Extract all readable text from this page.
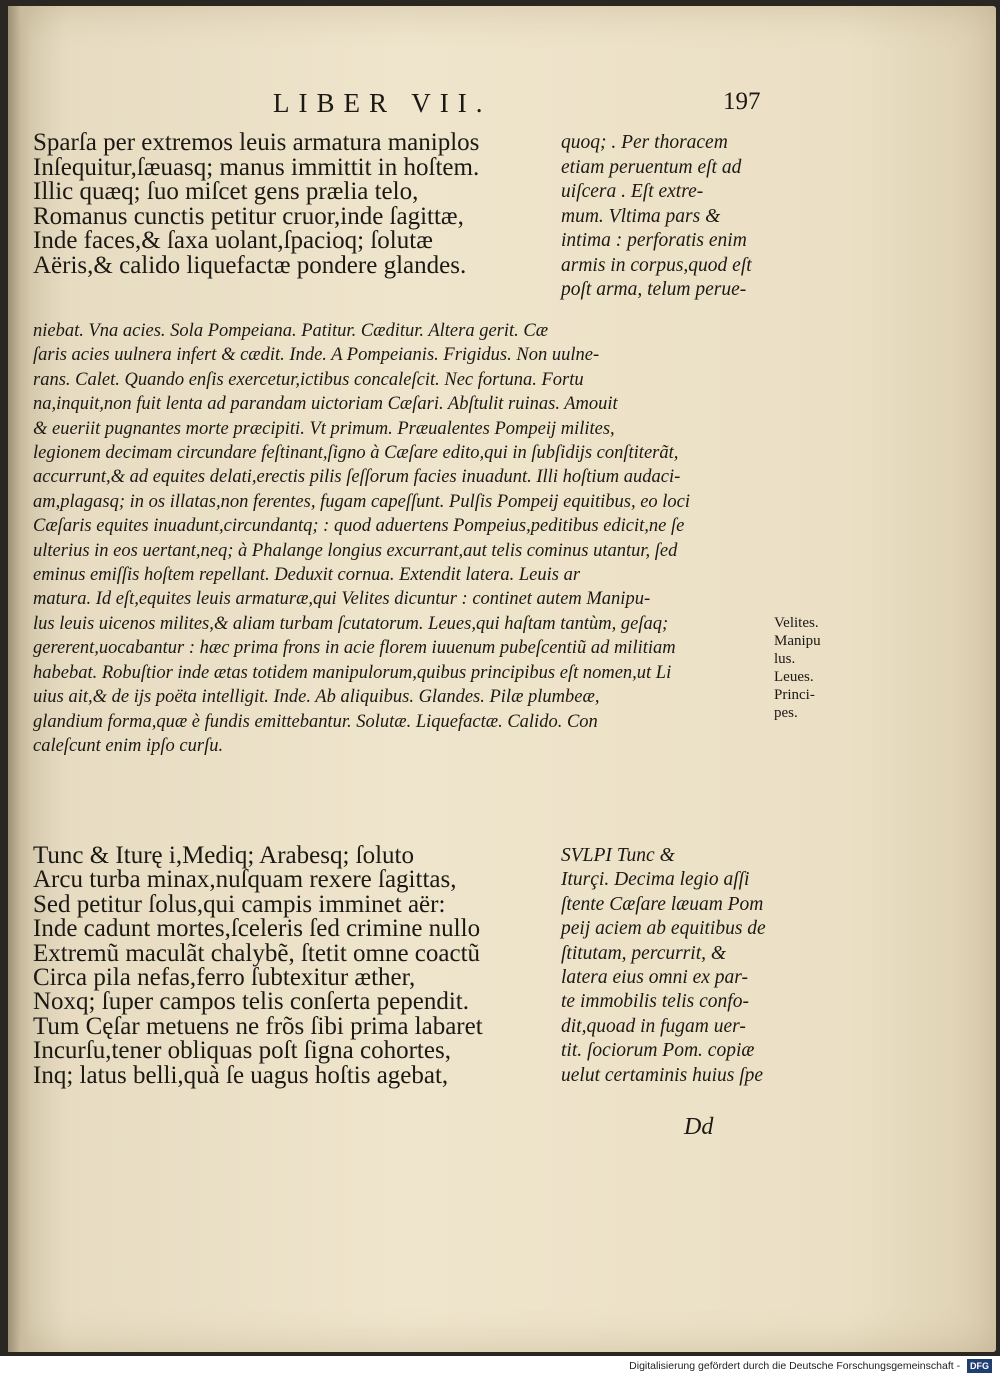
LIBER VII.	197
Sparſa per extremos leuis armatura maniplos
Inſequitur,ſæuasq; manus immittit in hoſtem.
Illic quæq; ſuo miſcet gens prælia telo,
Romanus cunctis petitur cruor,inde ſagittæ,
Inde faces,& ſaxa uolant,ſpacioq; ſolutæ
Aëris,& calido liquefactæ pondere glandes.
quoq; . Per thoracem
etiam peruentum eſt ad
uiſcera . Eſt extre-
mum. Vltima pars &
intima : perforatis enim
armis in corpus,quod eſt
poſt arma, telum perue-
niebat. Vna acies. Sola Pompeiana. Patitur. Cæditur. Altera gerit. Cæ
ſaris acies uulnera infert & cædit. Inde. A Pompeianis. Frigidus. Non uulne-
rans. Calet. Quando enſis exercetur,ictibus concaleſcit. Nec fortuna. Fortu
na,inquit,non fuit lenta ad parandam uictoriam Cæſari. Abſtulit ruinas. Amouit
& eueriit pugnantes morte præcipiti. Vt primum. Præualentes Pompeij milites,
legionem decimam circundare feſtinant,ſigno à Cæſare edito,qui in ſubſidijs conſtiterãt,
accurrunt,& ad equites delati,erectis pilis ſeſſorum facies inuadunt. Illi hoſtium audaci-
am,plagasq; in os illatas,non ferentes, fugam capeſſunt. Pulſis Pompeij equitibus, eo loci
Cæſaris equites inuadunt,circundantq; : quod aduertens Pompeius,peditibus edicit,ne ſe
ulterius in eos uertant,neq; à Phalange longius excurrant,aut telis cominus utantur, ſed
eminus emiſſis hoſtem repellant. Deduxit cornua. Extendit latera. Leuis ar
matura. Id eſt,equites leuis armaturæ,qui Velites dicuntur : continet autem Manipu-
lus leuis uicenos milites,& aliam turbam ſcutatorum. Leues,qui haſtam tantùm, geſaq;
gererent,uocabantur : hæc prima frons in acie florem iuuenum pubeſcentiũ ad militiam
habebat. Robuſtior inde ætas totidem manipulorum,quibus principibus eſt nomen,ut Li
uius ait,& de ijs poëta intelligit. Inde. Ab aliquibus. Glandes. Pilæ plumbeæ,
glandium forma,quæ è fundis emittebantur. Solutæ. Liquefactæ. Calido. Con
caleſcunt enim ipſo curſu.
Velites.
Manipu
lus.
Leues.
Princi-
pes.
Tunc & Iturę i,Mediq; Arabesq; ſoluto
Arcu turba minax,nuſquam rexere ſagittas,
Sed petitur ſolus,qui campis imminet aër:
Inde cadunt mortes,ſceleris ſed crimine nullo
Extremũ maculãt chalybẽ, ſtetit omne coactũ
Circa pila nefas,ferro ſubtexitur æther,
Noxq; ſuper campos telis conſerta pependit.
Tum Cęſar metuens ne frõs ſibi prima labaret
Incurſu,tener obliquas poſt ſigna cohortes,
Inq; latus belli,quà ſe uagus hoſtis agebat,
SVLPI Tunc &
Iturçi. Decima legio aſſi
ſtente Cæſare læuam Pom
peij aciem ab equitibus de
ſtitutam, percurrit, &
latera eius omni ex par-
te immobilis telis confo-
dit,quoad in fugam uer-
tit. ſociorum Pom. copiæ
uelut certaminis huius ſpe
Dd
Digitalisierung gefördert durch die Deutsche Forschungsgemeinschaft - DFG
